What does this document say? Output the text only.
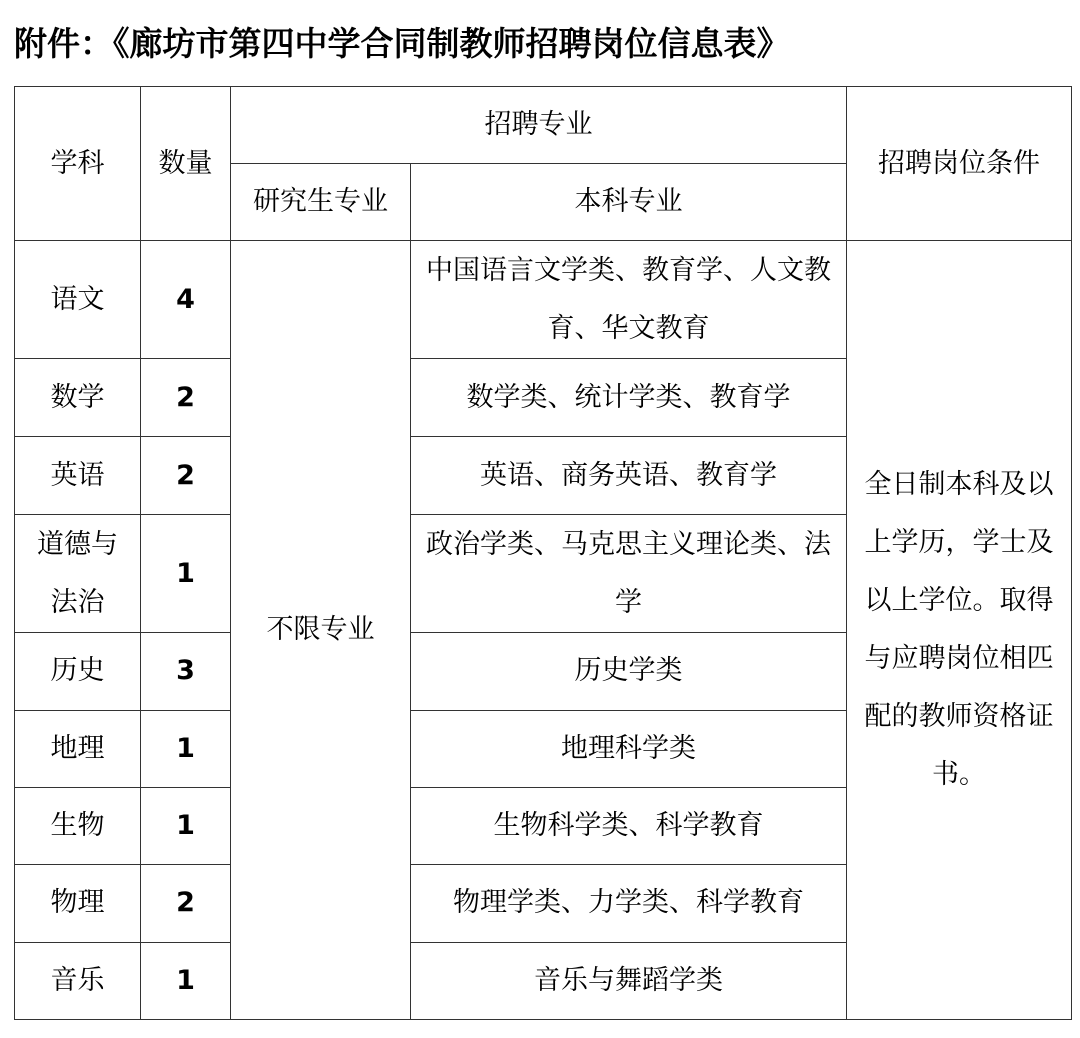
附件：《廊坊市第四中学合同制教师招聘岗位信息表》
学科	数量	招聘专业		招聘岗位条件
		研究生专业	本科专业	
语文	4	不限专业	中国语言文学类、教育学、人文教育、华文教育	全日制本科及以上学历，学士及以上学位。取得与应聘岗位相匹配的教师资格证书。
数学	2		数学类、统计学类、教育学	
英语	2		英语、商务英语、教育学	
道德与法治	1		政治学类、马克思主义理论类、法学	
历史	3		历史学类	
地理	1		地理科学类	
生物	1		生物科学类、科学教育	
物理	2		物理学类、力学类、科学教育	
音乐	1		音乐与舞蹈学类	
